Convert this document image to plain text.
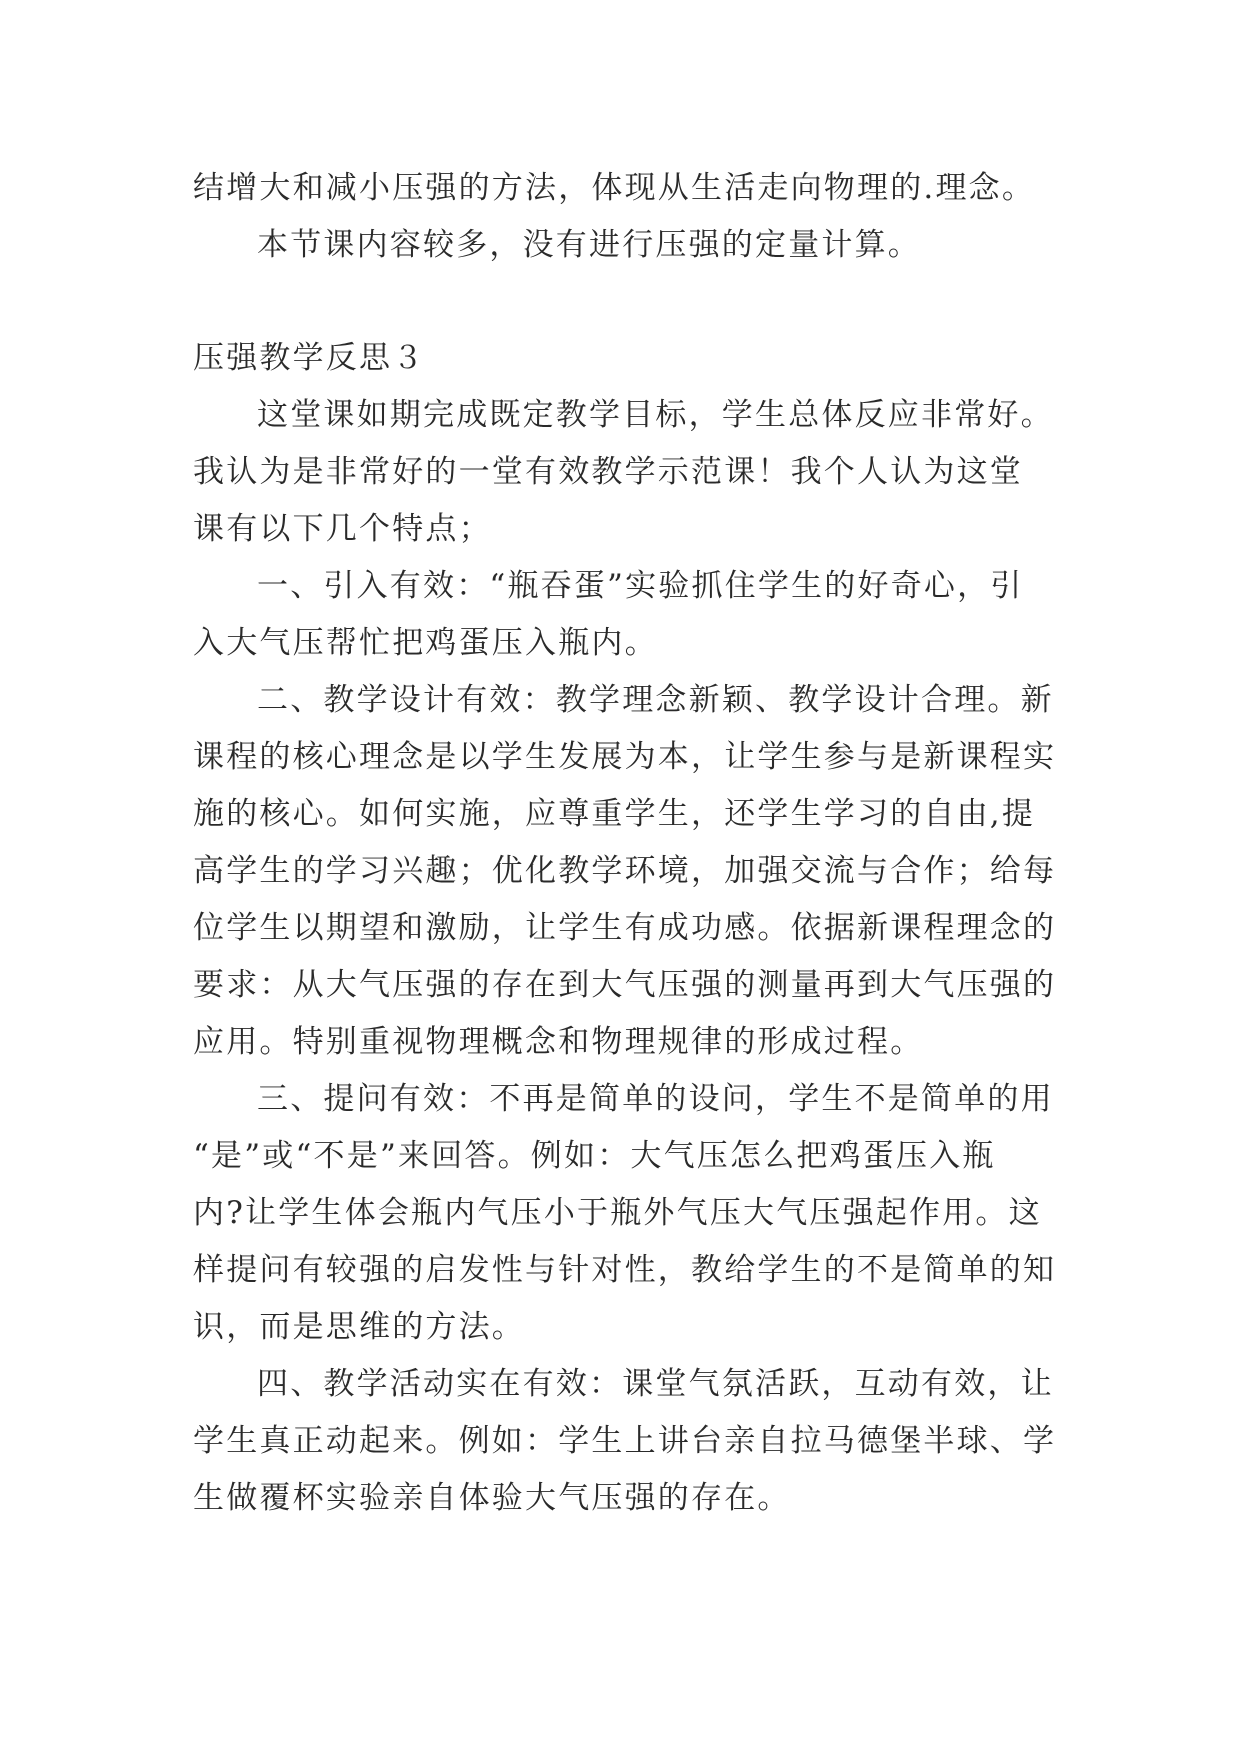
结增大和减小压强的方法，体现从生活走向物理的.理念。
本节课内容较多，没有进行压强的定量计算。
压强教学反思３
这堂课如期完成既定教学目标，学生总体反应非常好。
我认为是非常好的一堂有效教学示范课！我个人认为这堂
课有以下几个特点；
一、引入有效：“瓶吞蛋”实验抓住学生的好奇心，引
入大气压帮忙把鸡蛋压入瓶内。
二、教学设计有效：教学理念新颖、教学设计合理。新
课程的核心理念是以学生发展为本，让学生参与是新课程实
施的核心。如何实施，应尊重学生，还学生学习的自由,提
高学生的学习兴趣；优化教学环境，加强交流与合作；给每
位学生以期望和激励，让学生有成功感。依据新课程理念的
要求：从大气压强的存在到大气压强的测量再到大气压强的
应用。特别重视物理概念和物理规律的形成过程。
三、提问有效：不再是简单的设问，学生不是简单的用
“是”或“不是”来回答。例如：大气压怎么把鸡蛋压入瓶
内?让学生体会瓶内气压小于瓶外气压大气压强起作用。这
样提问有较强的启发性与针对性，教给学生的不是简单的知
识，而是思维的方法。
四、教学活动实在有效：课堂气氛活跃，互动有效，让
学生真正动起来。例如：学生上讲台亲自拉马德堡半球、学
生做覆杯实验亲自体验大气压强的存在。
